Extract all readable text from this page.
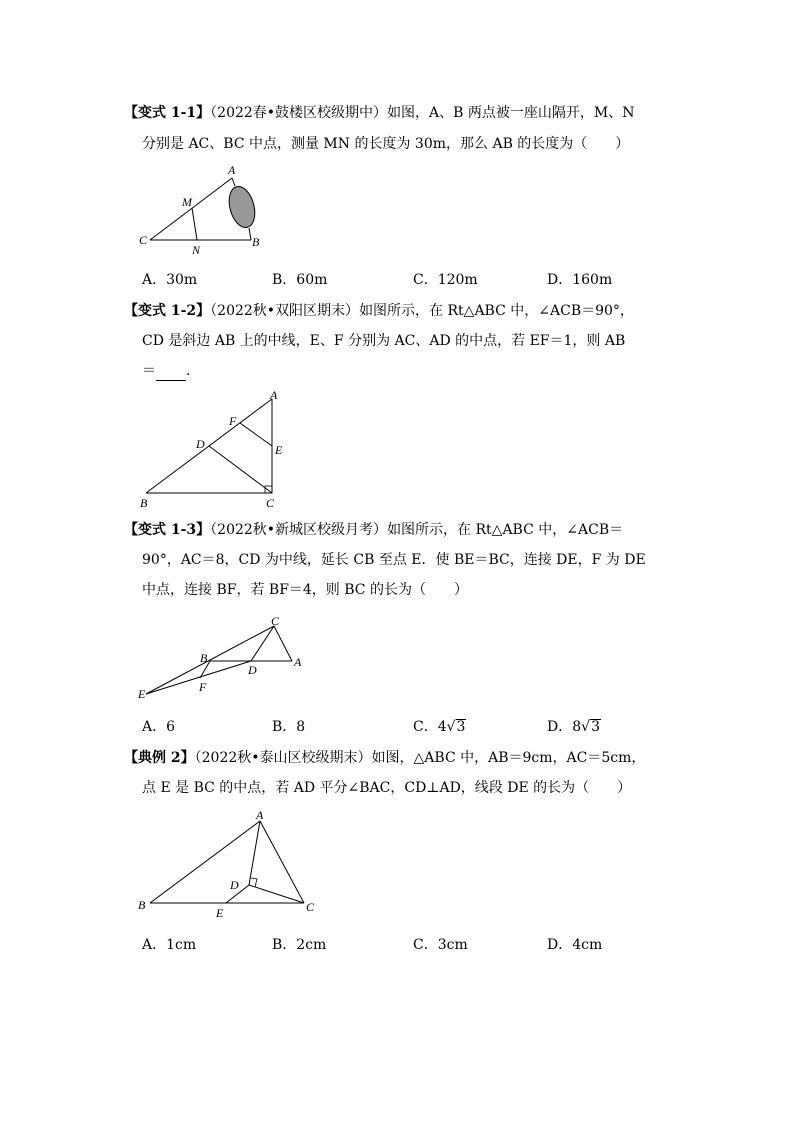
【变式 1-1】（2022春•鼓楼区校级期中）如图，A、B 两点被一座山隔开，M、N
分别是 AC、BC 中点，测量 MN 的长度为 30m，那么 AB 的长度为（　　）
A
M
C
N
B
A．30m	B．60m	C．120m	D．160m
【变式 1-2】（2022秋•双阳区期末）如图所示，在 Rt△ABC 中，∠ACB＝90°，
CD 是斜边 AB 上的中线，E、F 分别为 AC、AD 的中点，若 EF＝1，则 AB
＝ .
A
F
D	E
B	C
【变式 1-3】（2022秋•新城区校级月考）如图所示，在 Rt△ABC 中，∠ACB＝
90°，AC＝8，CD 为中线，延长 CB 至点 E．使 BE＝BC，连接 DE，F 为 DE
中点，连接 BF，若 BF＝4，则 BC 的长为（　　）
C
B
D
A
E	F
A．6	B．8	C．4√3	D．8√3
【典例 2】（2022秋•泰山区校级期末）如图，△ABC 中，AB＝9cm，AC＝5cm，
点 E 是 BC 的中点，若 AD 平分∠BAC，CD⊥AD，线段 DE 的长为（　　）
A
D
B
E	C
A．1cm	B．2cm	C．3cm	D．4cm
